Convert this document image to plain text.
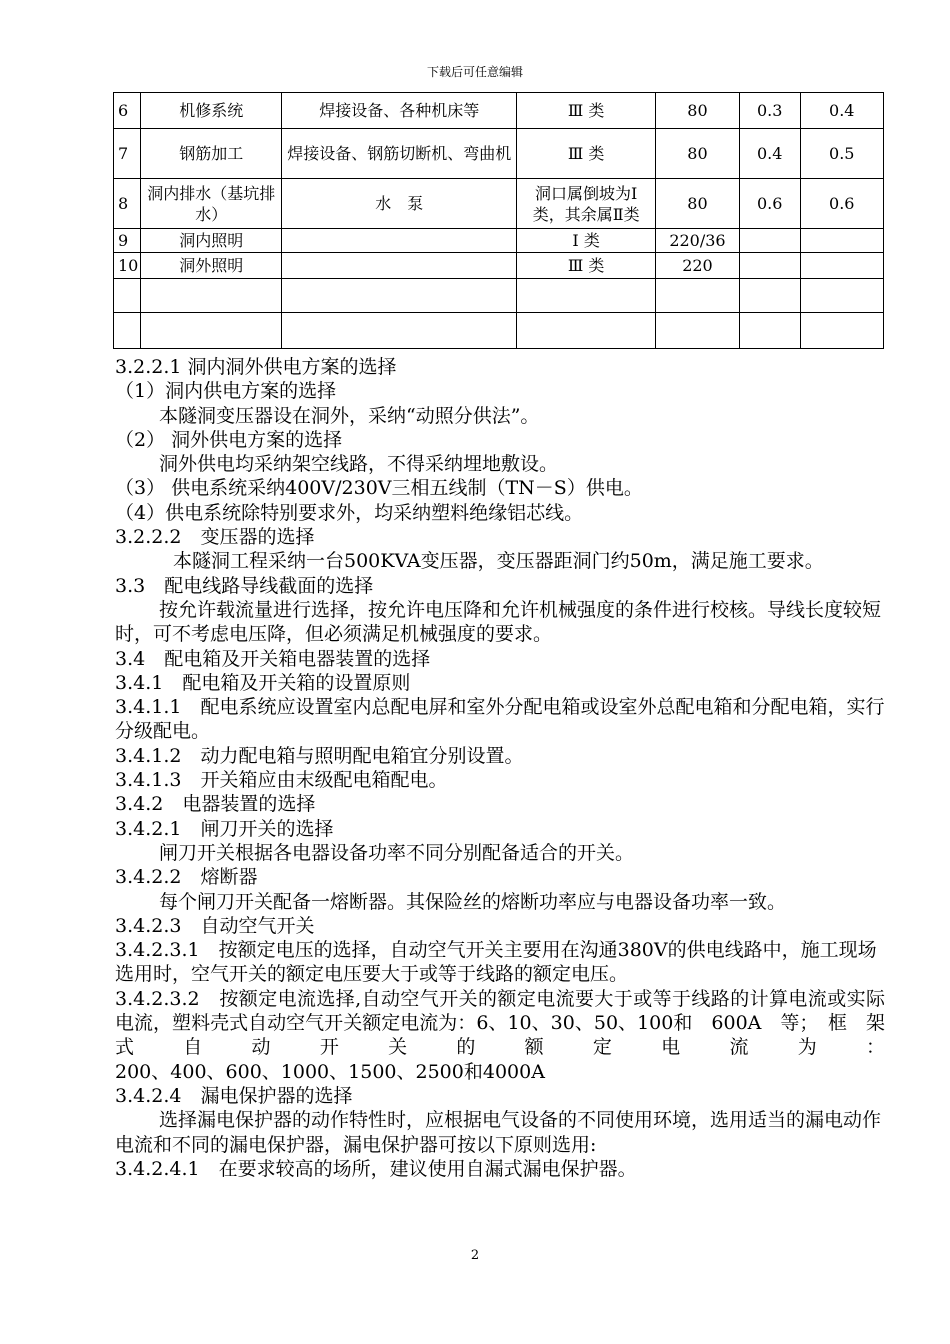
下载后可任意编辑
6	机修系统	焊接设备、各种机床等	Ⅲ 类	80	0.3	0.4
7	钢筋加工	焊接设备、钢筋切断机、弯曲机	Ⅲ 类	80	0.4	0.5
8	洞内排水（基坑排水）	水　泵	洞口属倒坡为Ⅰ类，其余属Ⅱ类	80	0.6	0.6
9	洞内照明		Ⅰ 类	220/36		
10	洞外照明		Ⅲ 类	220		

3.2.2.1 洞内洞外供电方案的选择

（1）洞内供电方案的选择

本隧洞变压器设在洞外，采纳“动照分供法”。

（2） 洞外供电方案的选择

洞外供电均采纳架空线路，不得采纳埋地敷设。

（3） 供电系统采纳400V/230V三相五线制（TN－S）供电。

（4）供电系统除特别要求外，均采纳塑料绝缘铝芯线。

3.2.2.2　变压器的选择

本隧洞工程采纳一台500KVA变压器，变压器距洞门约50m，满足施工要求。

3.3　配电线路导线截面的选择

按允许载流量进行选择，按允许电压降和允许机械强度的条件进行校核。导线长度较短时，可不考虑电压降，但必须满足机械强度的要求。

3.4　配电箱及开关箱电器装置的选择

3.4.1　配电箱及开关箱的设置原则

3.4.1.1　配电系统应设置室内总配电屏和室外分配电箱或设室外总配电箱和分配电箱，实行分级配电。

3.4.1.2　动力配电箱与照明配电箱宜分别设置。

3.4.1.3　开关箱应由末级配电箱配电。

3.4.2　电器装置的选择

3.4.2.1　闸刀开关的选择

闸刀开关根据各电器设备功率不同分别配备适合的开关。

3.4.2.2　熔断器

每个闸刀开关配备一熔断器。其保险丝的熔断功率应与电器设备功率一致。

3.4.2.3　自动空气开关

3.4.2.3.1　按额定电压的选择，自动空气开关主要用在沟通380V的供电线路中，施工现场选用时，空气开关的额定电压要大于或等于线路的额定电压。

3.4.2.3.2　按额定电流选择,自动空气开关的额定电流要大于或等于线路的计算电流或实际电流，塑料壳式自动空气开关额定电流为：6、10、30、50、100和　600A　等；　框　架　式　自　动　开　关　的　额　定　电　流　为　：

200、400、600、1000、1500、2500和4000A

3.4.2.4　漏电保护器的选择

选择漏电保护器的动作特性时，应根据电气设备的不同使用环境，选用适当的漏电动作电流和不同的漏电保护器，漏电保护器可按以下原则选用:

3.4.2.4.1　在要求较高的场所，建议使用自漏式漏电保护器。

2
